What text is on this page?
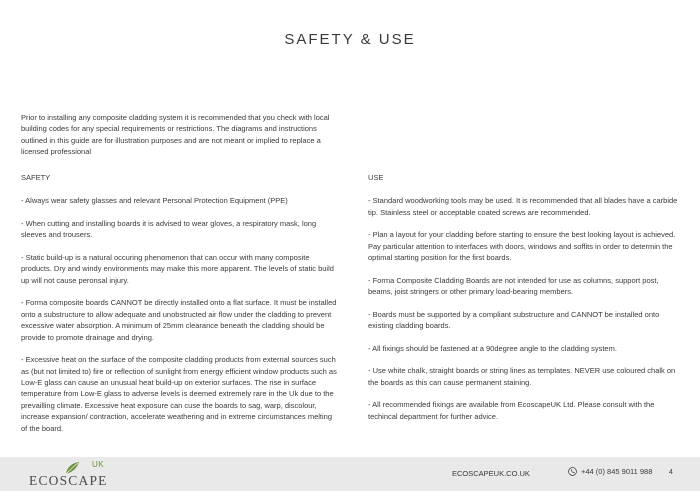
SAFETY & USE

Prior to installing any composite cladding system it is recommended that you check with local building codes for any special requirements or restrictions. The diagrams and instructions outlined in this guide are for illustration purposes and are not meant or implied to replace a licensed professional

SAFETY

- Always wear safety glasses and relevant Personal Protection Equipment (PPE)

- When cutting and installing boards it is advised to wear gloves, a respiratory mask, long sleeves and trousers.

- Static build-up is a natural occuring phenomenon that can occur with many composite products. Dry and windy environments may make this more apparent. The levels of static build up will not cause peronsal injury.

- Forma composite boards CANNOT be directly installed onto a flat surface. It must be installed onto a substructure to allow adequate and unobstructed air flow under the cladding to prevent excessive water absorption. A minimum of 25mm clearance beneath the cladding should be provide to promote drainage and drying.

- Excessive heat on the surface of the composite cladding products from external sources such as (but not limited to) fire or reflection of sunlight from energy efficient window products such as Low-E glass can cause an unusual heat build-up on exterior surfaces. The rise in surface temperature from Low-E glass to adverse levels is deemed extremely rare in the Uk due to the prevailling climate. Excessive heat exposure can cuse the boards to sag, warp, discolour, increase expansion/ contraction, accelerate weathering and in extreme circumstances melting of the board.

USE

- Standard woodworking tools may be used. It is recommended that all blades have a carbide tip. Stainless steel or acceptable coated screws are recommended.

- Plan a layout for your cladding before starting to ensure the best looking layout is achieved. Pay particular attention to interfaces with doors, windows and soffits in order to determin the optimal starting position for the first boards.

- Forma Composite Cladding Boards are not intended for use as columns, support post, beams, joist stringers or other primary load-bearing members.

- Boards must be supported by a compliant substructure and CANNOT be installed onto existing cladding boards.

- All fixings should be fastened at a 90degree angle to the cladding system.

- Use white chalk, straight boards or string lines as templates. NEVER use coloured chalk on the boards as this can cause permanent staining.

- All recommended fixings are available from EcoscapeUK Ltd. Please consult with the techincal department for further advice.

UK
ECOSCAPE	ECOSCAPEUK.CO.UK	+44 (0) 845 9011 988 4
